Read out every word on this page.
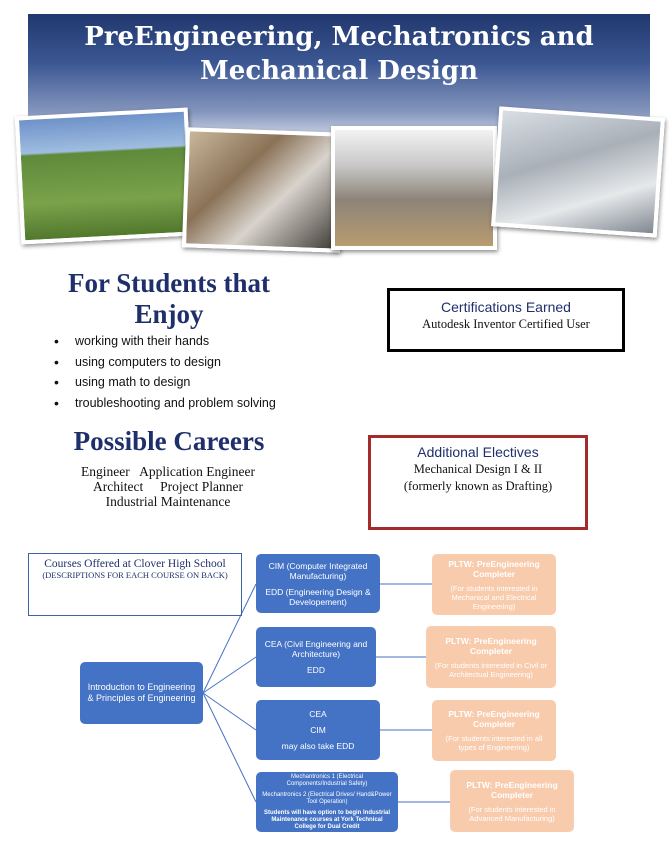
PreEngineering, Mechatronics and
Mechanical Design
For Students that Enjoy
• working with their hands
• using computers to design
• using math to design
• troubleshooting and problem solving
Certifications Earned
Autodesk Inventor Certified User
Possible Careers
Engineer   Application Engineer
Architect     Project Planner
Industrial Maintenance
Additional Electives
Mechanical Design I & II
(formerly known as Drafting)
Courses Offered at Clover High School
(DESCRIPTIONS FOR EACH COURSE ON BACK)
Introduction to Engineering & Principles of Engineering
CIM (Computer Integrated Manufacturing)
EDD (Engineering Design & Developement)
CEA (Civil Engineering and Architecture)
EDD
CEA
CIM
may also take EDD
Mechantronics 1 (Electrical Components/Industrial Safety)
Mechantronics 2 (Electrical Drives/ Hand&Power Tool Operation)
Students will have option to begin Industrial Maintenance courses at York Technical College for Dual Credit
PLTW: PreEngineering Completer
(For students interested in Mechanical and Electrical Engineering)
PLTW: PreEngineering Completer
(For students interested in Civil or Architectual Engineering)
PLTW: PreEngineering Completer
(For students interested in all types of Engineering)
PLTW: PreEngineering Completer
(For students interested in Advanced Manufacturing)
